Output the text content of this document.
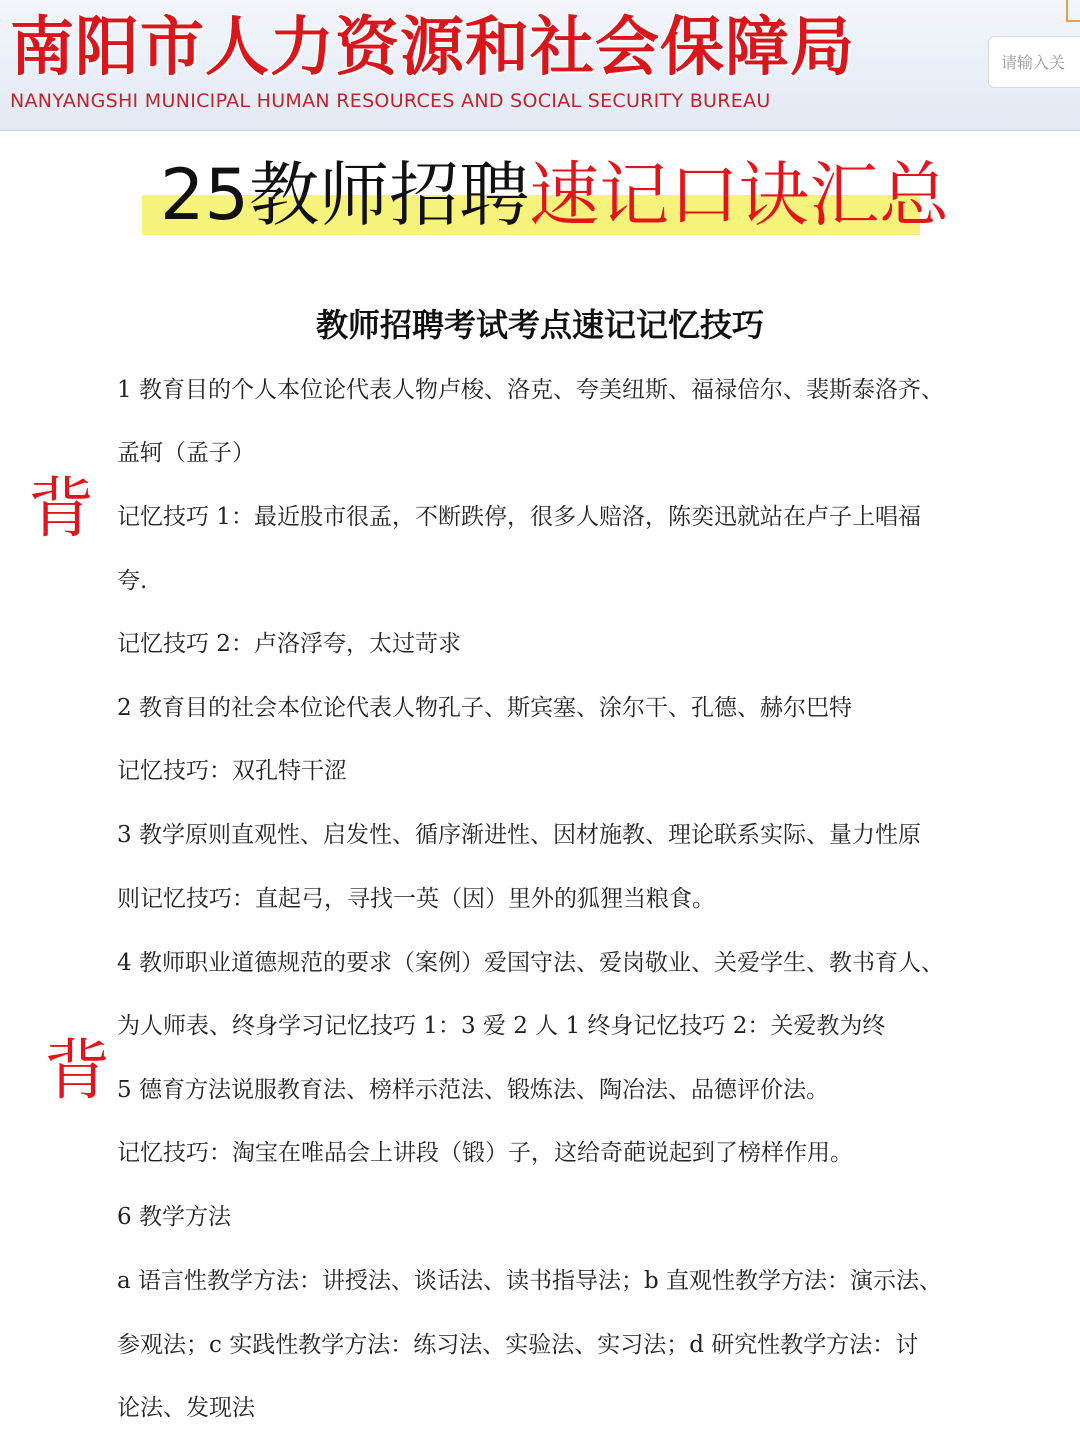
南阳市人力资源和社会保障局
NANYANGSHI MUNICIPAL HUMAN RESOURCES AND SOCIAL SECURITY BUREAU
请输入关
25教师招聘速记口诀汇总
教师招聘考试考点速记记忆技巧
背
背
1 教育目的个人本位论代表人物卢梭、洛克、夸美纽斯、福禄倍尔、裴斯泰洛齐、
孟轲（孟子）
记忆技巧 1：最近股市很孟，不断跌停，很多人赔洛，陈奕迅就站在卢子上唱福
夸.
记忆技巧 2：卢洛浮夸，太过苛求
2 教育目的社会本位论代表人物孔子、斯宾塞、涂尔干、孔德、赫尔巴特
记忆技巧：双孔特干涩
3 教学原则直观性、启发性、循序渐进性、因材施教、理论联系实际、量力性原
则记忆技巧：直起弓，寻找一英（因）里外的狐狸当粮食。
4 教师职业道德规范的要求（案例）爱国守法、爱岗敬业、关爱学生、教书育人、
为人师表、终身学习记忆技巧 1：3 爱 2 人 1 终身记忆技巧 2：关爱教为终
5 德育方法说服教育法、榜样示范法、锻炼法、陶冶法、品德评价法。
记忆技巧：淘宝在唯品会上讲段（锻）子，这给奇葩说起到了榜样作用。
6 教学方法
a 语言性教学方法：讲授法、谈话法、读书指导法；b 直观性教学方法：演示法、
参观法；c 实践性教学方法：练习法、实验法、实习法；d 研究性教学方法：讨
论法、发现法
